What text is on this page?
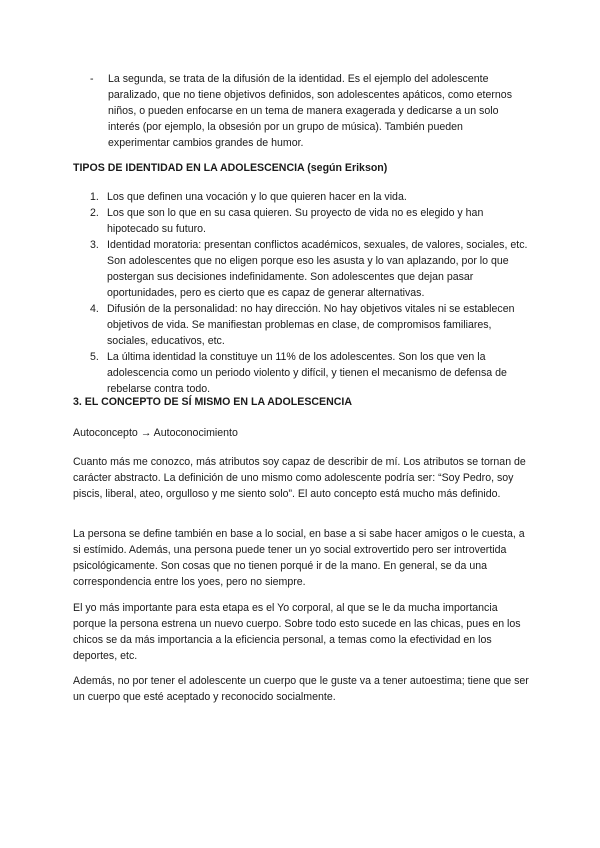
- La segunda, se trata de la difusión de la identidad. Es el ejemplo del adolescente paralizado, que no tiene objetivos definidos, son adolescentes apáticos, como eternos niños, o pueden enfocarse en un tema de manera exagerada y dedicarse a un solo interés (por ejemplo, la obsesión por un grupo de música). También pueden experimentar cambios grandes de humor.

TIPOS DE IDENTIDAD EN LA ADOLESCENCIA (según Erikson)

1. Los que definen una vocación y lo que quieren hacer en la vida.
2. Los que son lo que en su casa quieren. Su proyecto de vida no es elegido y han hipotecado su futuro.
3. Identidad moratoria: presentan conflictos académicos, sexuales, de valores, sociales, etc. Son adolescentes que no eligen porque eso les asusta y lo van aplazando, por lo que postergan sus decisiones indefinidamente. Son adolescentes que dejan pasar oportunidades, pero es cierto que es capaz de generar alternativas.
4. Difusión de la personalidad: no hay dirección. No hay objetivos vitales ni se establecen objetivos de vida. Se manifiestan problemas en clase, de compromisos familiares, sociales, educativos, etc.
5. La última identidad la constituye un 11% de los adolescentes. Son los que ven la adolescencia como un periodo violento y difícil, y tienen el mecanismo de defensa de rebelarse contra todo.

3. EL CONCEPTO DE SÍ MISMO EN LA ADOLESCENCIA

Autoconcepto → Autoconocimiento

Cuanto más me conozco, más atributos soy capaz de describir de mí. Los atributos se tornan de carácter abstracto. La definición de uno mismo como adolescente podría ser: “Soy Pedro, soy piscis, liberal, ateo, orgulloso y me siento solo”. El auto concepto está mucho más definido.

La persona se define también en base a lo social, en base a si sabe hacer amigos o le cuesta, a si estímido. Además, una persona puede tener un yo social extrovertido pero ser introvertida psicológicamente. Son cosas que no tienen porqué ir de la mano. En general, se da una correspondencia entre los yoes, pero no siempre.

El yo más importante para esta etapa es el Yo corporal, al que se le da mucha importancia porque la persona estrena un nuevo cuerpo. Sobre todo esto sucede en las chicas, pues en los chicos se da más importancia a la eficiencia personal, a temas como la efectividad en los deportes, etc.

Además, no por tener el adolescente un cuerpo que le guste va a tener autoestima; tiene que ser un cuerpo que esté aceptado y reconocido socialmente.
